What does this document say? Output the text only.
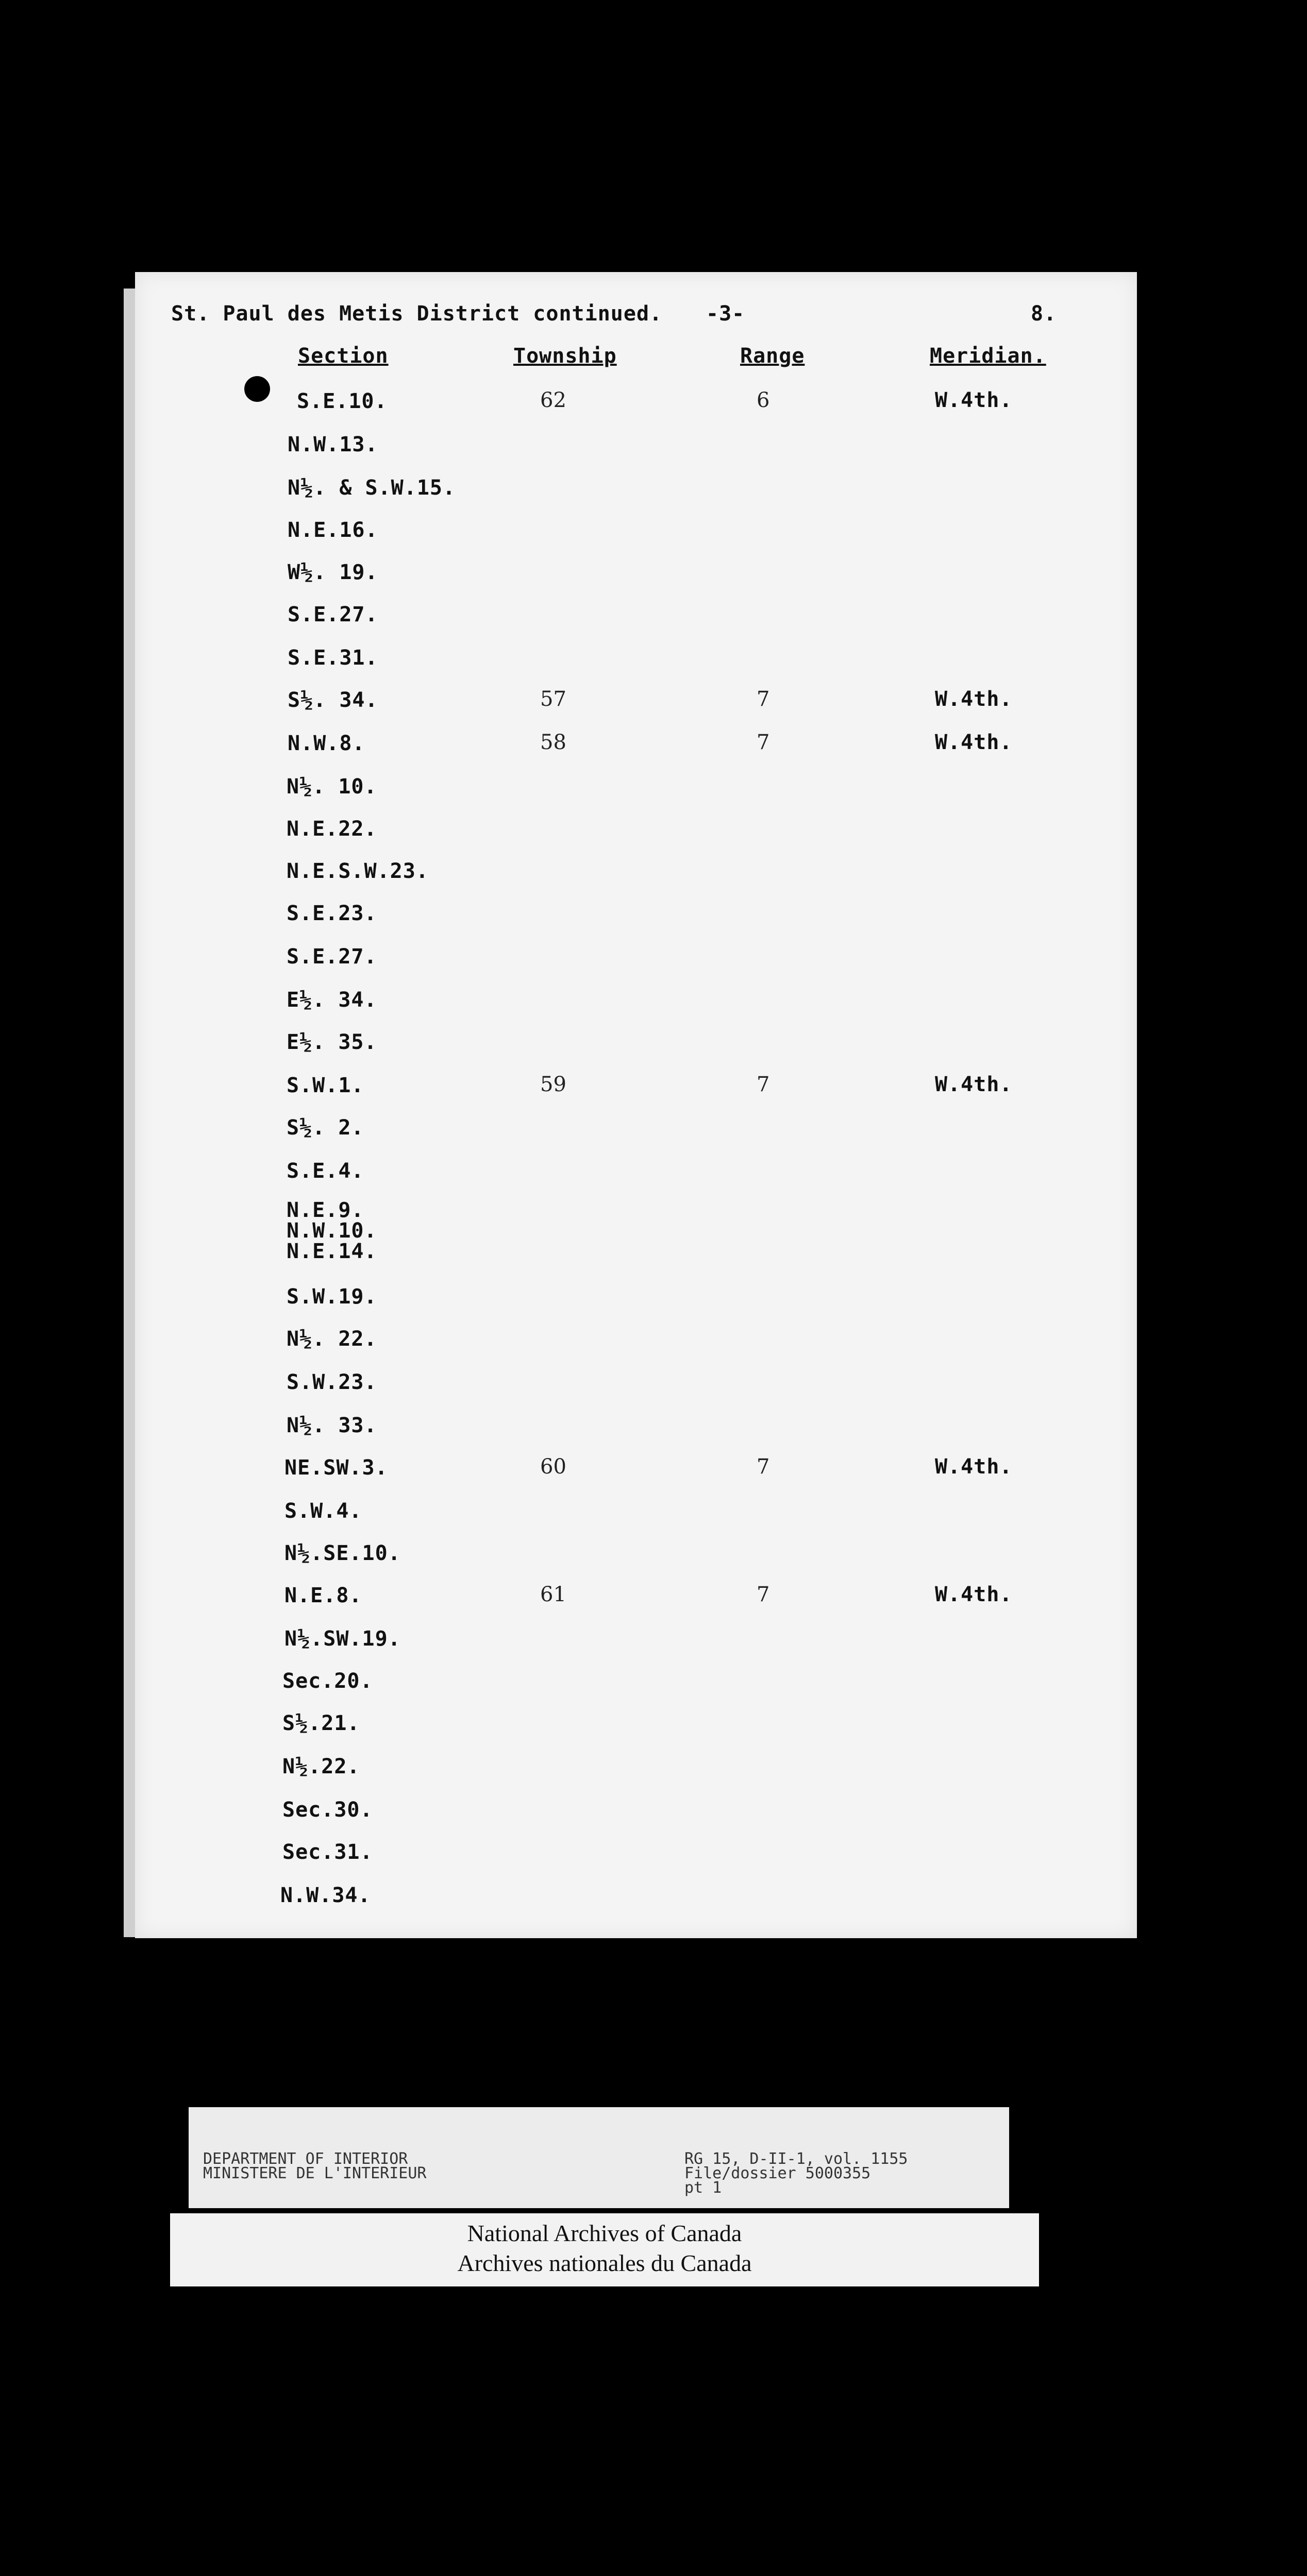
St. Paul des Metis District continued. -3-	8.
Section	Township	Range	Meridian.
S.E.10.	62	6	W.4th.
N.W.13.
N½. & S.W.15.
N.E.16.
W½. 19.
S.E.27.
S.E.31.
S½. 34.	57	7	W.4th.
N.W.8.	58	7	W.4th.
N½. 10.
N.E.22.
N.E.S.W.23.
S.E.23.
S.E.27.
E½. 34.
E½. 35.
S.W.1.	59	7	W.4th.
S½. 2.
S.E.4.
N.E.9.
N.W.10.
N.E.14.
S.W.19.
N½. 22.
S.W.23.
N½. 33.
NE.SW.3.	60	7	W.4th.
S.W.4.
N½.SE.10.
N.E.8.	61	7	W.4th.
N½.SW.19.
Sec.20.
S½.21.
N½.22.
Sec.30.
Sec.31.
N.W.34.
DEPARTMENT OF INTERIOR
MINISTERE DE L'INTERIEUR
RG 15, D-II-1, vol. 1155
File/dossier 5000355
pt 1
National Archives of Canada
Archives nationales du Canada
